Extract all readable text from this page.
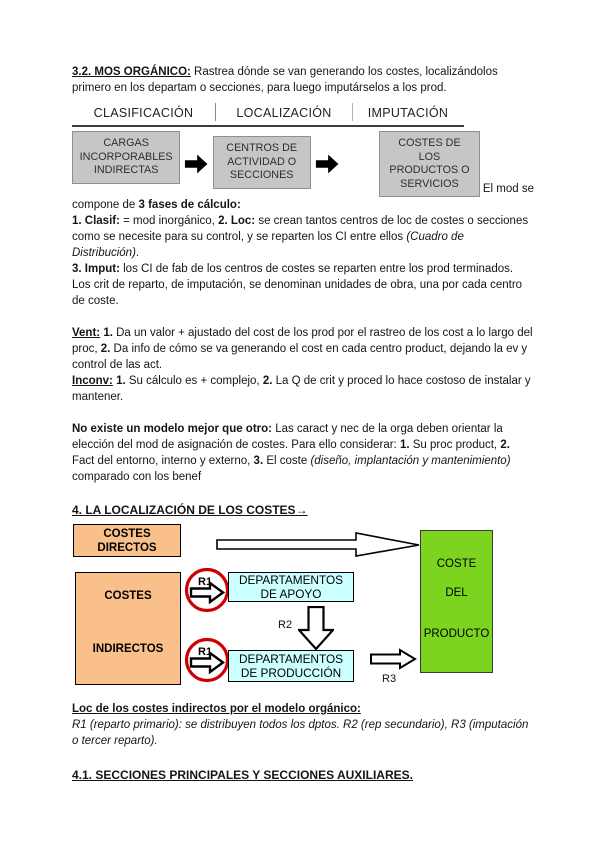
3.2. MOS ORGÁNICO: Rastrea dónde se van generando los costes, localizándolos primero en los departam o secciones, para luego imputárselos a los prod.

CLASIFICACIÓN	LOCALIZACIÓN	IMPUTACIÓN
CARGAS
INCORPORABLES
INDIRECTAS
CENTROS DE
ACTIVIDAD O
SECCIONES
COSTES DE
LOS
PRODUCTOS O
SERVICIOS	El mod se

compone de 3 fases de cálculo:

1. Clasif: = mod inorgánico, 2. Loc: se crean tantos centros de loc de costes o secciones como se necesite para su control, y se reparten los CI entre ellos (Cuadro de Distribución).

3. Imput: los CI de fab de los centros de costes se reparten entre los prod terminados. Los crit de reparto, de imputación, se denominan unidades de obra, una por cada centro de coste.

Vent: 1. Da un valor + ajustado del cost de los prod por el rastreo de los cost a lo largo del proc, 2. Da info de cómo se va generando el cost en cada centro product, dejando la ev y control de las act.

Inconv: 1. Su cálculo es + complejo, 2. La Q de crit y proced lo hace costoso de instalar y mantener.

No existe un modelo mejor que otro: Las caract y nec de la orga deben orientar la elección del mod de asignación de costes. Para ello considerar: 1. Su proc product, 2. Fact del entorno, interno y externo, 3. El coste (diseño, implantación y mantenimiento) comparado con los benef

4. LA LOCALIZACIÓN DE LOS COSTES→

COSTES
DIRECTOS
COSTE
DEL
PRODUCTO
COSTES
INDIRECTOS
R1 DEPARTAMENTOS
DE APOYO
R2
R1 DEPARTAMENTOS
DE PRODUCCIÓN	R3

Loc de los costes indirectos por el modelo orgánico:

R1 (reparto primario): se distribuyen todos los dptos. R2 (rep secundario), R3 (imputación o tercer reparto).

4.1. SECCIONES PRINCIPALES Y SECCIONES AUXILIARES.
